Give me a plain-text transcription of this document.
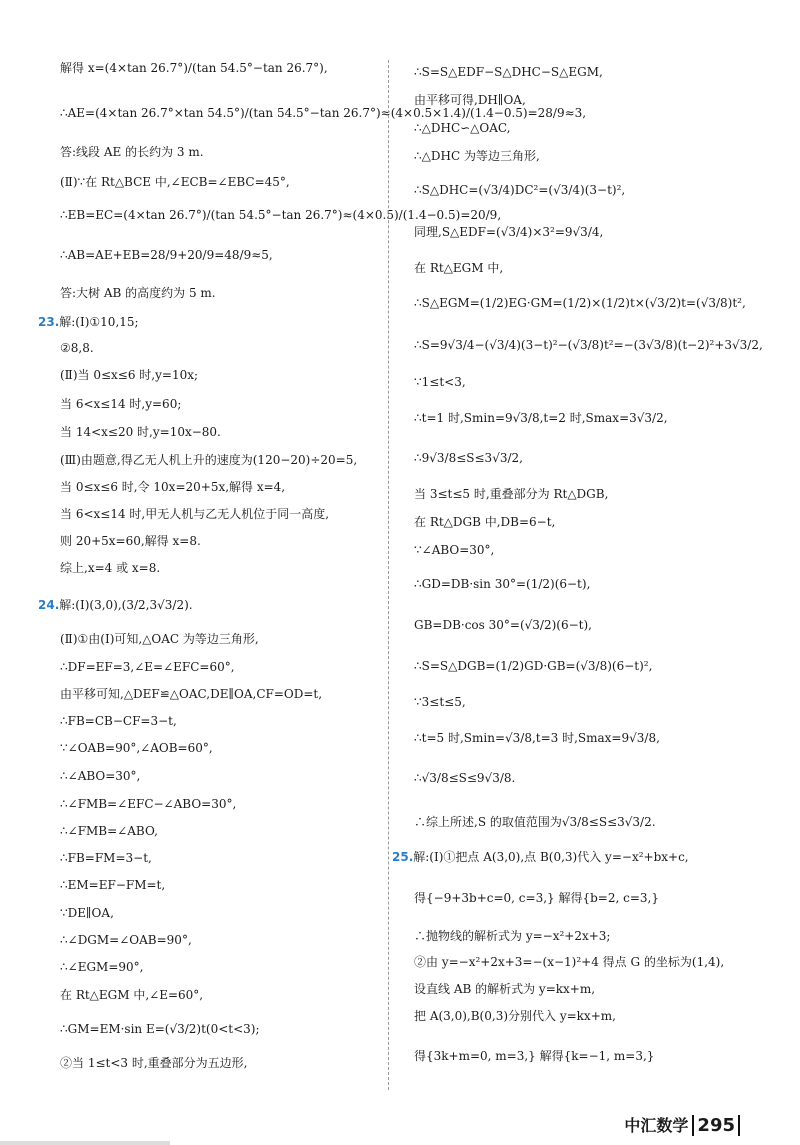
解得 x=(4×tan 26.7°)/(tan 54.5°−tan 26.7°),
∴AE=(4×tan 26.7°×tan 54.5°)/(tan 54.5°−tan 26.7°)≈(4×0.5×1.4)/(1.4−0.5)=28/9≈3,
答:线段 AE 的长约为 3 m.
(Ⅱ)∵在 Rt△BCE 中,∠ECB=∠EBC=45°,
∴EB=EC=(4×tan 26.7°)/(tan 54.5°−tan 26.7°)≈(4×0.5)/(1.4−0.5)=20/9,
∴AB=AE+EB=28/9+20/9=48/9≈5,
答:大树 AB 的高度约为 5 m.
23.解:(Ⅰ)①10,15;
②8,8.
(Ⅱ)当 0≤x≤6 时,y=10x;
当 6<x≤14 时,y=60;
当 14<x≤20 时,y=10x−80.
(Ⅲ)由题意,得乙无人机上升的速度为(120−20)÷20=5,
当 0≤x≤6 时,令 10x=20+5x,解得 x=4,
当 6<x≤14 时,甲无人机与乙无人机位于同一高度,
则 20+5x=60,解得 x=8.
综上,x=4 或 x=8.
24.解:(Ⅰ)(3,0),(3/2,3√3/2).
(Ⅱ)①由(Ⅰ)可知,△OAC 为等边三角形,
∴DF=EF=3,∠E=∠EFC=60°,
由平移可知,△DEF≌△OAC,DE∥OA,CF=OD=t,
∴FB=CB−CF=3−t,
∵∠OAB=90°,∠AOB=60°,
∴∠ABO=30°,
∴∠FMB=∠EFC−∠ABO=30°,
∴∠FMB=∠ABO,
∴FB=FM=3−t,
∴EM=EF−FM=t,
∵DE∥OA,
∴∠DGM=∠OAB=90°,
∴∠EGM=90°,
在 Rt△EGM 中,∠E=60°,
∴GM=EM·sin E=(√3/2)t(0<t<3);
②当 1≤t<3 时,重叠部分为五边形,
∴S=S△EDF−S△DHC−S△EGM,
由平移可得,DH∥OA,
∴△DHC∽△OAC,
∴△DHC 为等边三角形,
∴S△DHC=(√3/4)DC²=(√3/4)(3−t)²,
同理,S△EDF=(√3/4)×3²=9√3/4,
在 Rt△EGM 中,
∴S△EGM=(1/2)EG·GM=(1/2)×(1/2)t×(√3/2)t=(√3/8)t²,
∴S=9√3/4−(√3/4)(3−t)²−(√3/8)t²=−(3√3/8)(t−2)²+3√3/2,
∵1≤t<3,
∴t=1 时,Smin=9√3/8,t=2 时,Smax=3√3/2,
∴9√3/8≤S≤3√3/2,
当 3≤t≤5 时,重叠部分为 Rt△DGB,
在 Rt△DGB 中,DB=6−t,
∵∠ABO=30°,
∴GD=DB·sin 30°=(1/2)(6−t),
GB=DB·cos 30°=(√3/2)(6−t),
∴S=S△DGB=(1/2)GD·GB=(√3/8)(6−t)²,
∵3≤t≤5,
∴t=5 时,Smin=√3/8,t=3 时,Smax=9√3/8,
∴√3/8≤S≤9√3/8.
∴综上所述,S 的取值范围为√3/8≤S≤3√3/2.
25.解:(Ⅰ)①把点 A(3,0),点 B(0,3)代入 y=−x²+bx+c,
得{−9+3b+c=0, c=3,} 解得{b=2, c=3,}
∴抛物线的解析式为 y=−x²+2x+3;
②由 y=−x²+2x+3=−(x−1)²+4 得点 G 的坐标为(1,4),
设直线 AB 的解析式为 y=kx+m,
把 A(3,0),B(0,3)分别代入 y=kx+m,
得{3k+m=0, m=3,} 解得{k=−1, m=3,}
中汇数学 295
